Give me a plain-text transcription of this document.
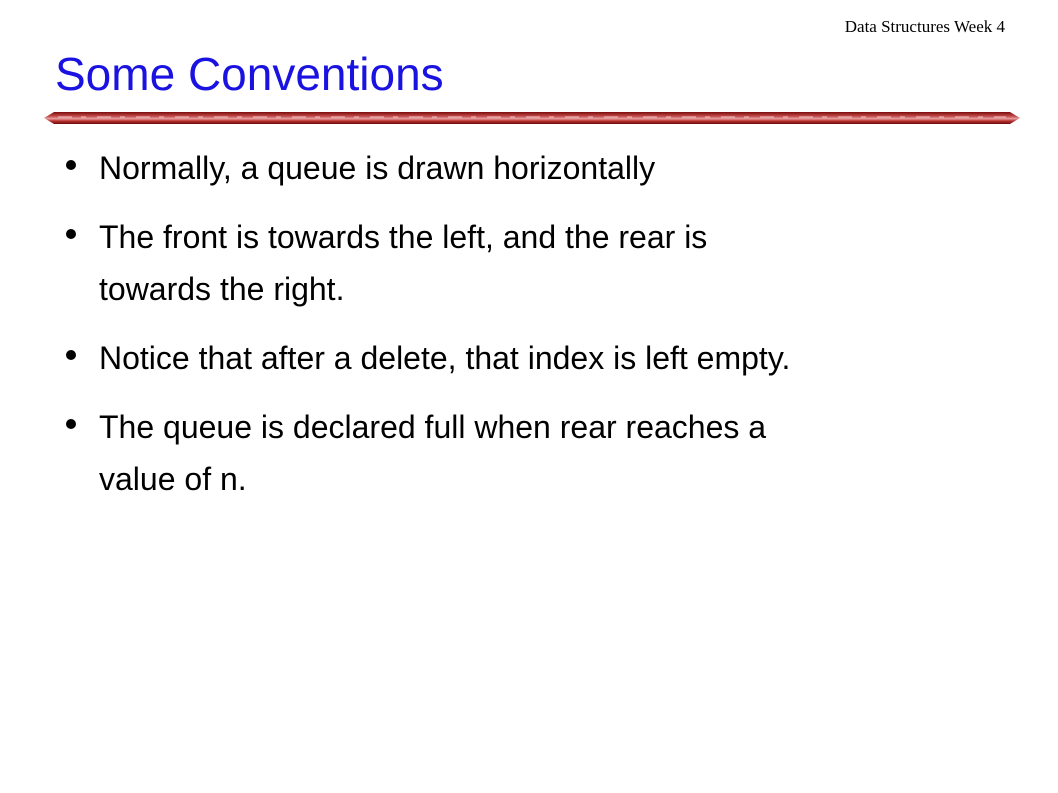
Data Structures Week 4
Some Conventions
Normally, a queue is drawn horizontally
The front is towards the left, and the rear is
towards the right.
Notice that after a delete, that index is left empty.
The queue is declared full when rear reaches a
value of n.
